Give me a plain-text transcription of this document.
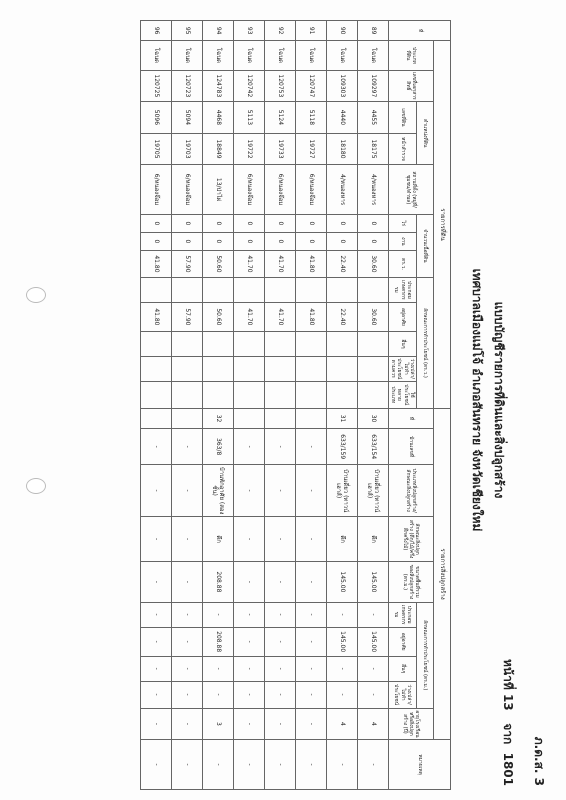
ภ.ด.ส. 3
หน้าที่ 13   จาก  1801
แบบบัญชีรายการที่ดินและสิ่งปลูกสร้าง
เทศบาลเมืองแม่โจ้ อำเภอสันทราย จังหวัดเชียงใหม่
ที่	รายการที่ดิน													รายการสิ่งปลูกสร้าง										หมายเหตุ
	ประเภทที่ดิน	เลขที่เอกสารสิทธิ์	ตำแหน่งที่ดิน		สถานที่ตั้ง (หมู่ที่/ชุมชน/ตำบล)	จำนวนเนื้อที่ดิน			ลักษณะการทำประโยชน์ (ตร.ว.)					ที่	บ้านเลขที่	ประเภทสิ่งปลูกสร้าง/ลักษณะสิ่งปลูกสร้าง	ลักษณะสิ่งปลูกสร้าง (ตึก/ไม้/ครึ่งตึกครึ่งไม้)	ขนาดพื้นที่รวมของสิ่งปลูกสร้าง (ตร.ม.)	ลักษณะการทำประโยชน์ (ตร.ม.)				อายุโรงเรือนหรือสิ่งปลูกสร้าง (ปี)	
			เลขที่ดิน	หน้าสำรวจ		ไร่	งาน	ตร.ว.	ประกอบเกษตรกรรม	อยู่อาศัย	อื่นๆ	ว่างเปล่า/ไม่ทำประโยชน์ตามควร	ใช้ประโยชน์หลายประเภท						ประกอบเกษตรกรรม	อยู่อาศัย	อื่นๆ	ว่างเปล่า/ไม่ทำประโยชน์		
89	โฉนด	109297	4455	18175	4/หนองหาร	0	0	30.60		30.60				30	633/154	บ้านเดี่ยว (ทาวน์เฮาส์)	ตึก	145.00	-	145.00	-	-	4	-
90	โฉนด	109303	4440	18180	4/หนองหาร	0	0	22.40		22.40				31	633/159	บ้านเดี่ยว (ทาวน์เฮาส์)	ตึก	145.00	-	145.00	-	-	4	-
91	โฉนด	120747	5118	19727	6/หนองจ๊อม	0	0	41.80		41.80					-	-	-	-	-	-	-	-	-	-
92	โฉนด	120753	5124	19733	6/หนองจ๊อม	0	0	41.70		41.70					-	-	-	-	-	-	-	-	-	-
93	โฉนด	120742	5113	19722	6/หนองจ๊อม	0	0	41.70		41.70					-	-	-	-	-	-	-	-	-	-
94	โฉนด	124783	4468	18849	13/ป่าไผ่	0	0	50.60		50.60				32	363/8	บ้านพักอาศัย (สองชั้น)	ตึก	208.88	-	208.88	-	-	3	-
95	โฉนด	120723	5094	19703	6/หนองจ๊อม	0	0	57.90		57.90					-	-	-	-	-	-	-	-	-	-
96	โฉนด	120725	5096	19705	6/หนองจ๊อม	0	0	41.80		41.80					-	-	-	-	-	-	-	-	-	-
